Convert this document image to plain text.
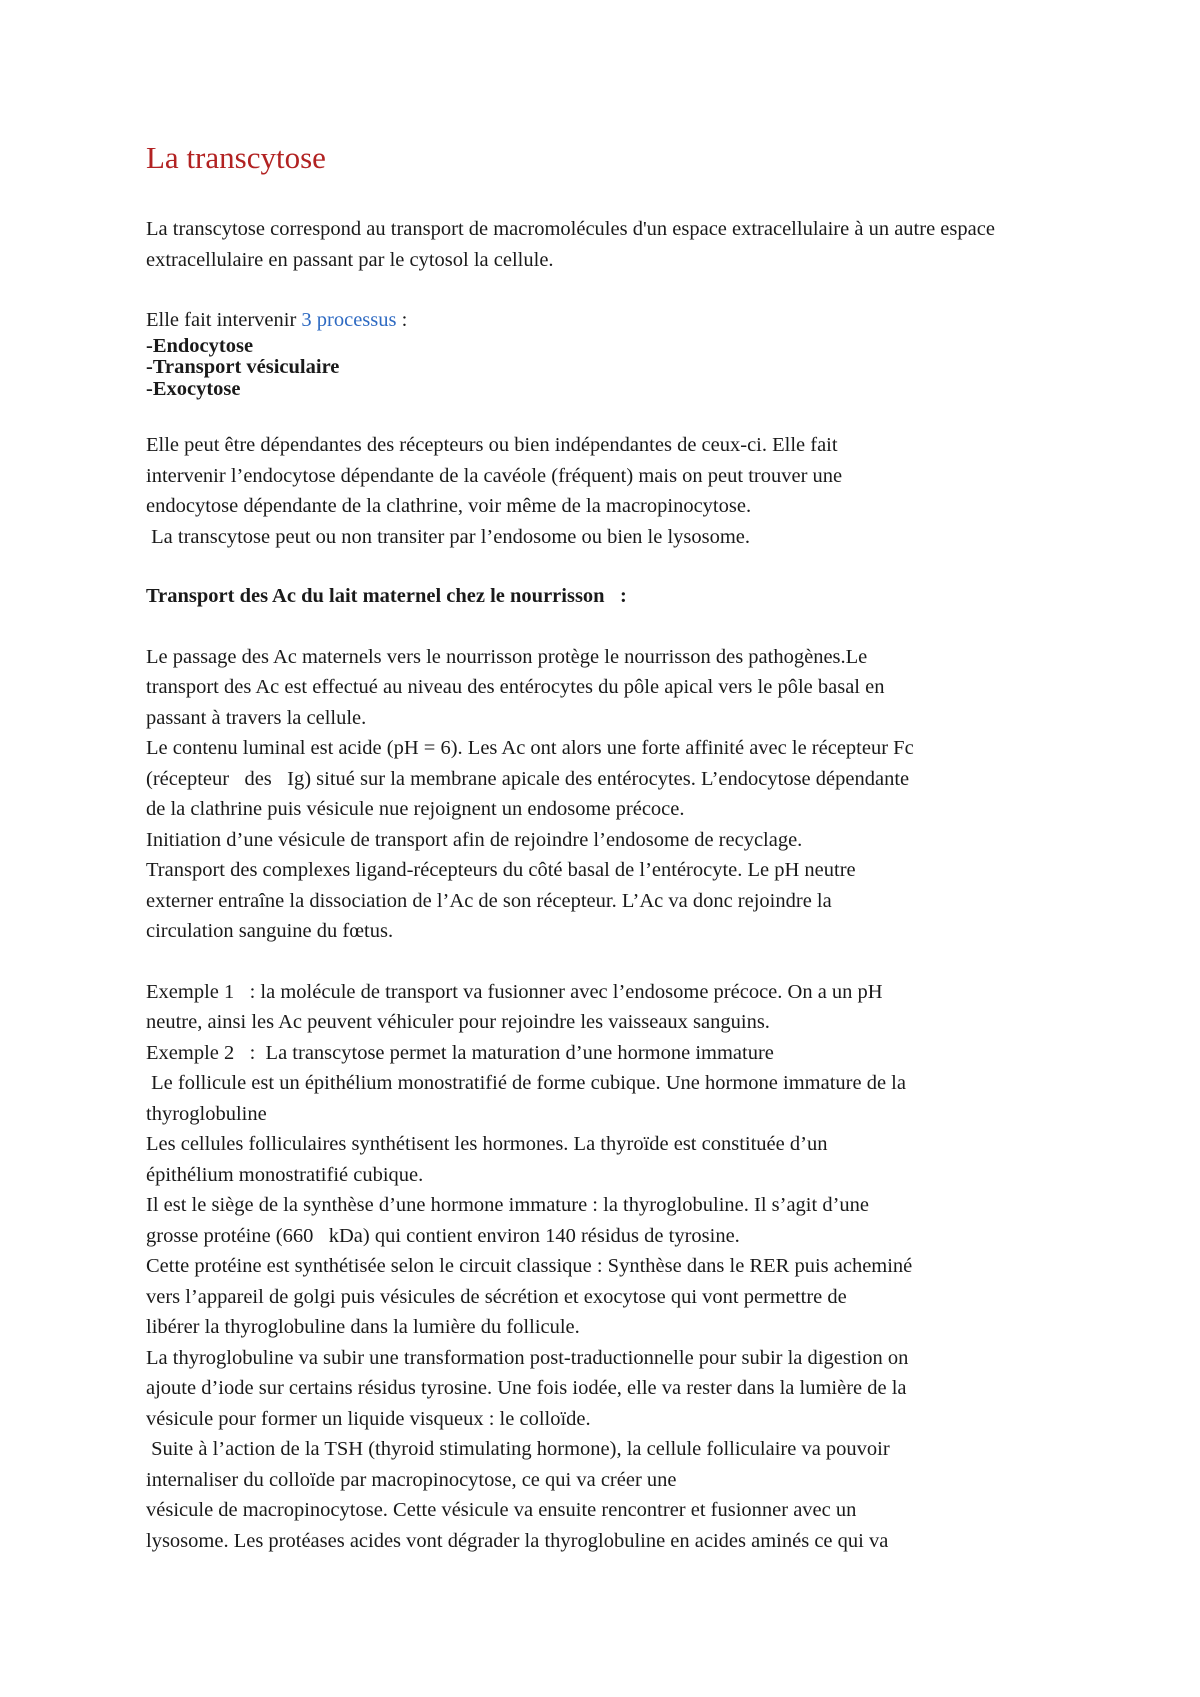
La transcytose

La transcytose correspond au transport de macromolécules d'un espace extracellulaire à un autre espace extracellulaire en passant par le cytosol la cellule.

Elle fait intervenir 3 processus :

-Endocytose
-Transport vésiculaire
-Exocytose
Elle peut être dépendantes des récepteurs ou bien indépendantes de ceux-ci. Elle fait
intervenir l’endocytose dépendante de la cavéole (fréquent) mais on peut trouver une
endocytose dépendante de la clathrine, voir même de la macropinocytose.
La transcytose peut ou non transiter par l’endosome ou bien le lysosome.
Transport des Ac du lait maternel chez le nourrisson   :
Le passage des Ac maternels vers le nourrisson protège le nourrisson des pathogènes.Le
transport des Ac est effectué au niveau des entérocytes du pôle apical vers le pôle basal en
passant à travers la cellule.
Le contenu luminal est acide (pH = 6). Les Ac ont alors une forte affinité avec le récepteur Fc
(récepteur   des   Ig) situé sur la membrane apicale des entérocytes. L’endocytose dépendante
de la clathrine puis vésicule nue rejoignent un endosome précoce.
Initiation d’une vésicule de transport afin de rejoindre l’endosome de recyclage.
Transport des complexes ligand-récepteurs du côté basal de l’entérocyte. Le pH neutre
externer entraîne la dissociation de l’Ac de son récepteur. L’Ac va donc rejoindre la
circulation sanguine du fœtus.
Exemple 1   : la molécule de transport va fusionner avec l’endosome précoce. On a un pH
neutre, ainsi les Ac peuvent véhiculer pour rejoindre les vaisseaux sanguins.
Exemple 2   :  La transcytose permet la maturation d’une hormone immature
Le follicule est un épithélium monostratifié de forme cubique. Une hormone immature de la
thyroglobuline
Les cellules folliculaires synthétisent les hormones. La thyroïde est constituée d’un
épithélium monostratifié cubique.
Il est le siège de la synthèse d’une hormone immature : la thyroglobuline. Il s’agit d’une
grosse protéine (660   kDa) qui contient environ 140 résidus de tyrosine.
Cette protéine est synthétisée selon le circuit classique : Synthèse dans le RER puis acheminé
vers l’appareil de golgi puis vésicules de sécrétion et exocytose qui vont permettre de
libérer la thyroglobuline dans la lumière du follicule.
La thyroglobuline va subir une transformation post-traductionnelle pour subir la digestion on
ajoute d’iode sur certains résidus tyrosine. Une fois iodée, elle va rester dans la lumière de la
vésicule pour former un liquide visqueux : le colloïde.
Suite à l’action de la TSH (thyroid stimulating hormone), la cellule folliculaire va pouvoir
internaliser du colloïde par macropinocytose, ce qui va créer une
vésicule de macropinocytose. Cette vésicule va ensuite rencontrer et fusionner avec un
lysosome. Les protéases acides vont dégrader la thyroglobuline en acides aminés ce qui va
